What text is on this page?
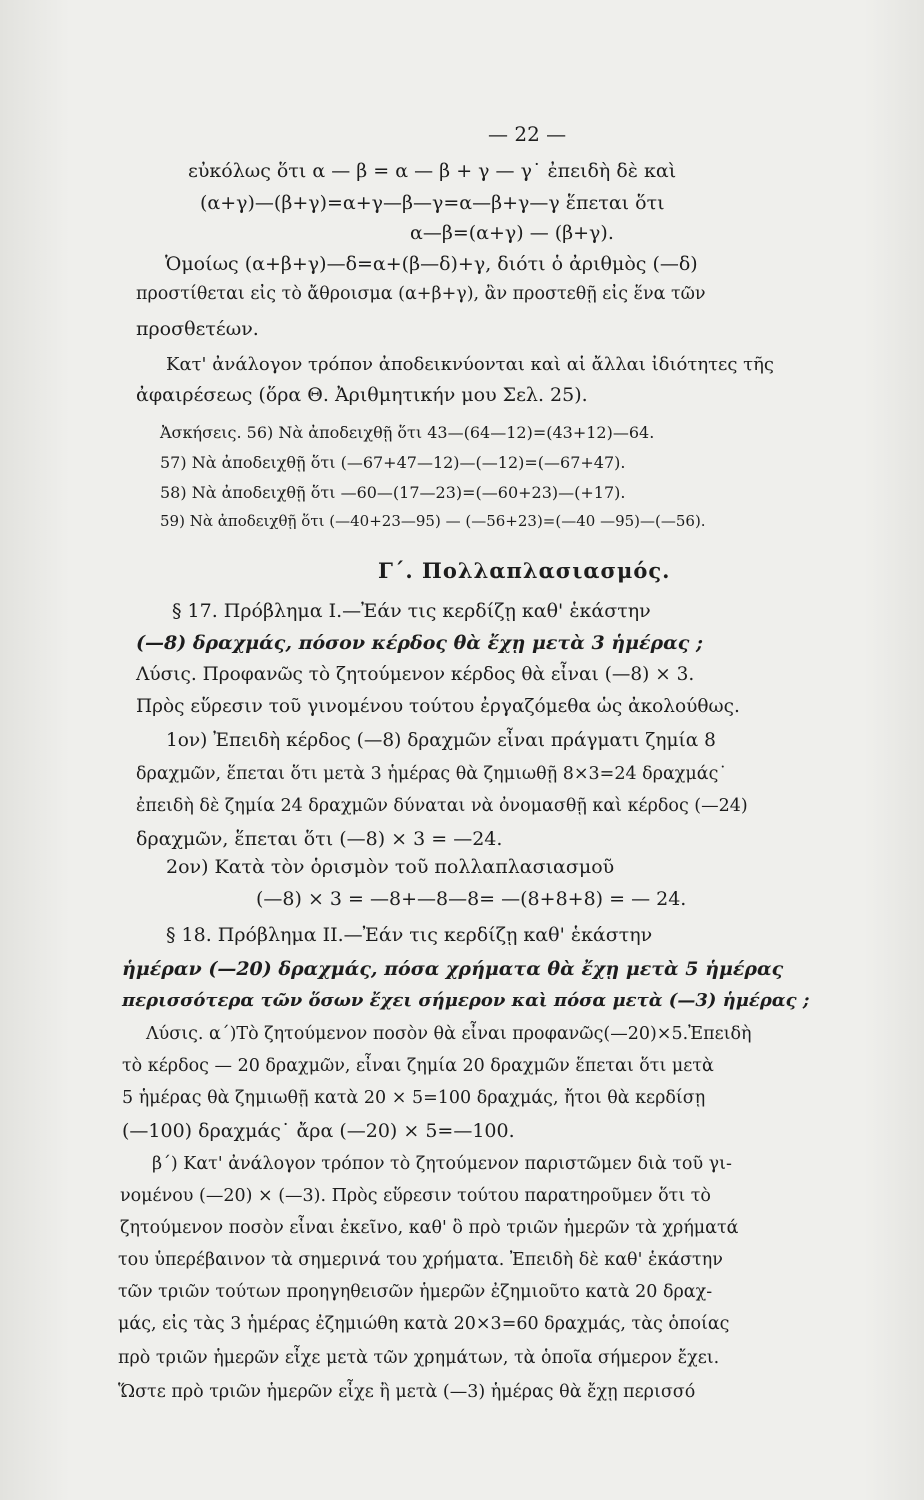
— 22 —
εὐκόλως ὅτι α — β = α — β + γ — γ˙ ἐπειδὴ δὲ καὶ
(α+γ)—(β+γ)=α+γ—β—γ=α—β+γ—γ ἕπεται ὅτι
α—β=(α+γ) — (β+γ).
Ὁμοίως (α+β+γ)—δ=α+(β—δ)+γ, διότι ὁ ἀριθμὸς (—δ)
προστίθεται εἰς τὸ ἄθροισμα (α+β+γ), ἂν προστεθῇ εἰς ἕνα τῶν
προσθετέων.
Κατ' ἀνάλογον τρόπον ἀποδεικνύονται καὶ αἱ ἄλλαι ἰδιότητες τῆς
ἀφαιρέσεως (ὅρα Θ. Ἀριθμητικήν μου Σελ. 25).
Ἀσκήσεις. 56) Νὰ ἀποδειχθῇ ὅτι 43—(64—12)=(43+12)—64.
57) Νὰ ἀποδειχθῇ ὅτι (—67+47—12)—(—12)=(—67+47).
58) Νὰ ἀποδειχθῇ ὅτι —60—(17—23)=(—60+23)—(+17).
59) Νὰ ἀποδειχθῇ ὅτι (—40+23—95) — (—56+23)=(—40 —95)—(—56).
Γ΄. Πολλαπλασιασμός.
§ 17. Πρόβλημα I.—Ἐάν τις κερδίζῃ καθ' ἑκάστην
(—8) δραχμάς, πόσον κέρδος θὰ ἔχῃ μετὰ 3 ἡμέρας ;
Λύσις. Προφανῶς τὸ ζητούμενον κέρδος θὰ εἶναι (—8) × 3.
Πρὸς εὕρεσιν τοῦ γινομένου τούτου ἐργαζόμεθα ὡς ἀκολούθως.
1ον) Ἐπειδὴ κέρδος (—8) δραχμῶν εἶναι πράγματι ζημία 8
δραχμῶν, ἕπεται ὅτι μετὰ 3 ἡμέρας θὰ ζημιωθῇ 8×3=24 δραχμάς˙
ἐπειδὴ δὲ ζημία 24 δραχμῶν δύναται νὰ ὀνομασθῇ καὶ κέρδος (—24)
δραχμῶν, ἕπεται ὅτι (—8) × 3 = —24.
2ον) Κατὰ τὸν ὁρισμὸν τοῦ πολλαπλασιασμοῦ
(—8) × 3 = —8+—8—8= —(8+8+8) = — 24.
§ 18. Πρόβλημα II.—Ἐάν τις κερδίζῃ καθ' ἑκάστην
ἡμέραν (—20) δραχμάς, πόσα χρήματα θὰ ἔχῃ μετὰ 5 ἡμέρας
περισσότερα τῶν ὅσων ἔχει σήμερον καὶ πόσα μετὰ (—3) ἡμέρας ;
Λύσις. α΄)Τὸ ζητούμενον ποσὸν θὰ εἶναι προφανῶς(—20)×5.Ἐπειδὴ
τὸ κέρδος — 20 δραχμῶν, εἶναι ζημία 20 δραχμῶν ἕπεται ὅτι μετὰ
5 ἡμέρας θὰ ζημιωθῇ κατὰ 20 × 5=100 δραχμάς, ἤτοι θὰ κερδίσῃ
(—100) δραχμάς˙ ἄρα (—20) × 5=—100.
β΄) Κατ' ἀνάλογον τρόπον τὸ ζητούμενον παριστῶμεν διὰ τοῦ γι-
νομένου (—20) × (—3). Πρὸς εὕρεσιν τούτου παρατηροῦμεν ὅτι τὸ
ζητούμενον ποσὸν εἶναι ἐκεῖνο, καθ' ὃ πρὸ τριῶν ἡμερῶν τὰ χρήματά
του ὑπερέβαινον τὰ σημερινά του χρήματα. Ἐπειδὴ δὲ καθ' ἑκάστην
τῶν τριῶν τούτων προηγηθεισῶν ἡμερῶν ἐζημιοῦτο κατὰ 20 δραχ-
μάς, εἰς τὰς 3 ἡμέρας ἐζημιώθη κατὰ 20×3=60 δραχμάς, τὰς ὁποίας
πρὸ τριῶν ἡμερῶν εἶχε μετὰ τῶν χρημάτων, τὰ ὁποῖα σήμερον ἔχει.
Ὥστε πρὸ τριῶν ἡμερῶν εἶχε ἢ μετὰ (—3) ἡμέρας θὰ ἔχῃ περισσό
